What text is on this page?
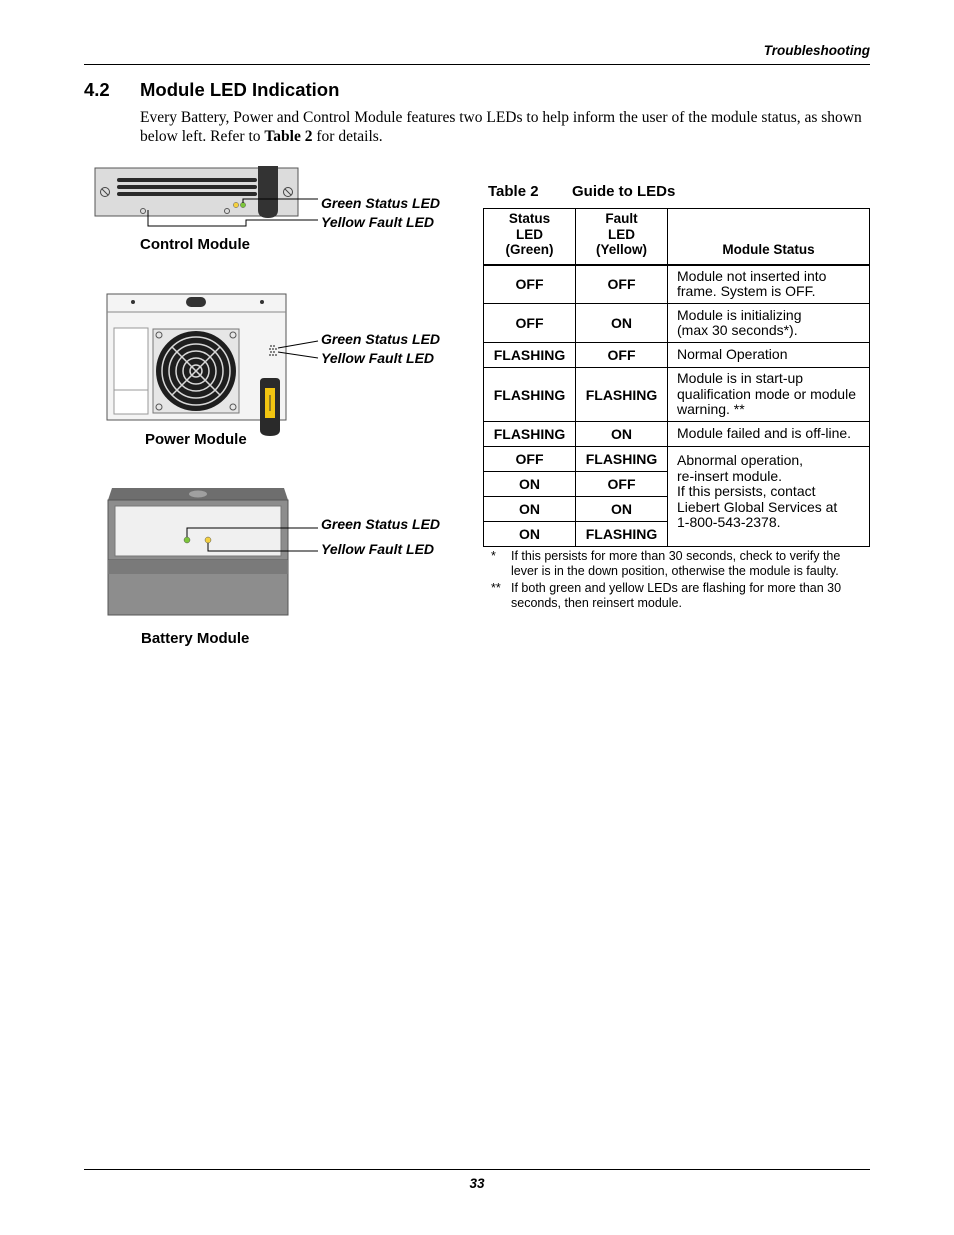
Troubleshooting
4.2 Module LED Indication
Every Battery, Power and Control Module features two LEDs to help inform the user of the module status, as shown below left. Refer to Table 2 for details.
Green Status LED
Yellow Fault LED
Control Module
Green Status LED
Yellow Fault LED
Power Module
Green Status LED
Yellow Fault LED
Battery Module
Table 2 Guide to LEDs
Status
LED
(Green)	Fault
LED
(Yellow)	Module Status
OFF	OFF	Module not inserted into
frame. System is OFF.
OFF	ON	Module is initializing
(max 30 seconds*).
FLASHING	OFF	Normal Operation
FLASHING	FLASHING	Module is in start-up
qualification mode or module
warning. **
FLASHING	ON	Module failed and is off-line.
OFF	FLASHING	Abnormal operation,
re-insert module.
If this persists, contact
Liebert Global Services at
1-800-543-2378.
ON	OFF	
ON	ON	
ON	FLASHING	
* If this persists for more than 30 seconds, check to verify the lever is in the down position, otherwise the module is faulty.
** If both green and yellow LEDs are flashing for more than 30 seconds, then reinsert module.
33
